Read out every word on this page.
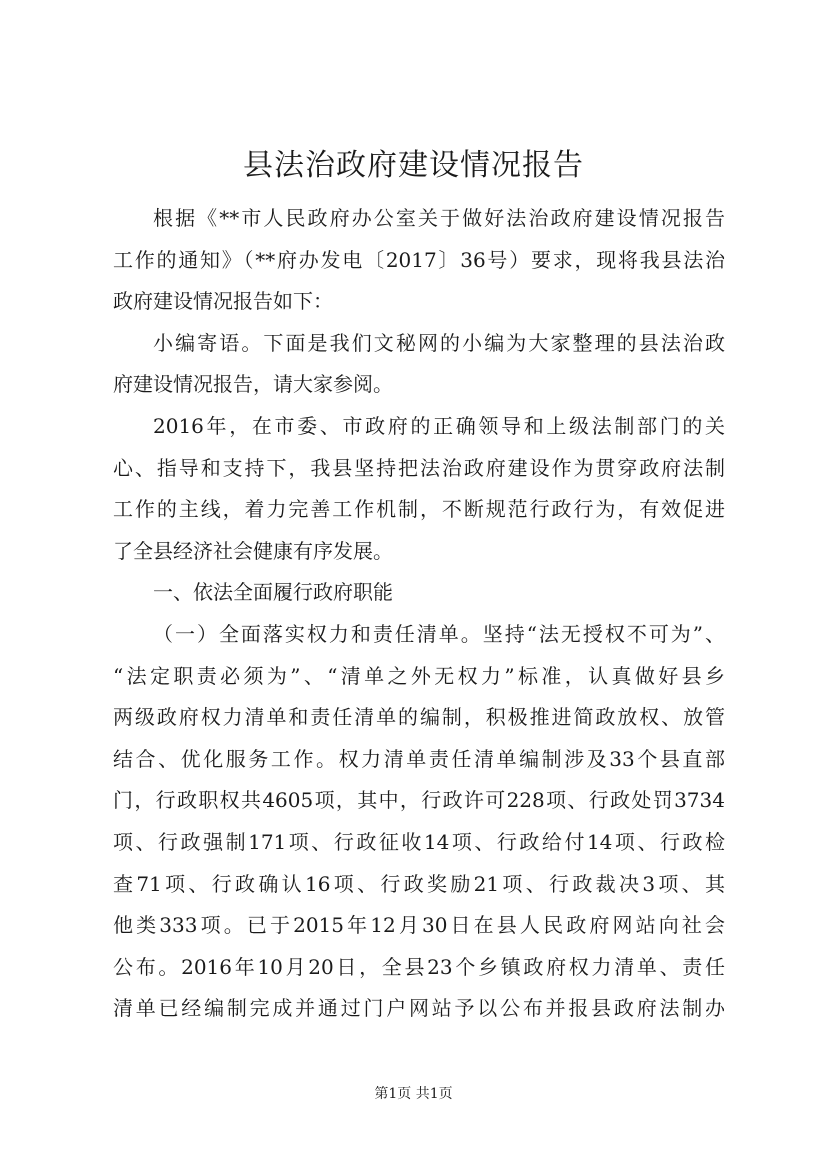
县法治政府建设情况报告
根据《**市人民政府办公室关于做好法治政府建设情况报告
工作的通知》（**府办发电〔2017〕36号）要求，现将我县法治
政府建设情况报告如下：
小编寄语。下面是我们文秘网的小编为大家整理的县法治政
府建设情况报告，请大家参阅。
2016年，在市委、市政府的正确领导和上级法制部门的关
心、指导和支持下，我县坚持把法治政府建设作为贯穿政府法制
工作的主线，着力完善工作机制，不断规范行政行为，有效促进
了全县经济社会健康有序发展。
一、依法全面履行政府职能
（一）全面落实权力和责任清单。坚持“法无授权不可为”、
“法定职责必须为”、“清单之外无权力”标准，认真做好县乡
两级政府权力清单和责任清单的编制，积极推进简政放权、放管
结合、优化服务工作。权力清单责任清单编制涉及33个县直部
门，行政职权共4605项，其中，行政许可228项、行政处罚3734
项、行政强制171项、行政征收14项、行政给付14项、行政检
查71项、行政确认16项、行政奖励21项、行政裁决3项、其
他类333项。已于2015年12月30日在县人民政府网站向社会
公布。2016年10月20日，全县23个乡镇政府权力清单、责任
清单已经编制完成并通过门户网站予以公布并报县政府法制办
第1页 共1页
